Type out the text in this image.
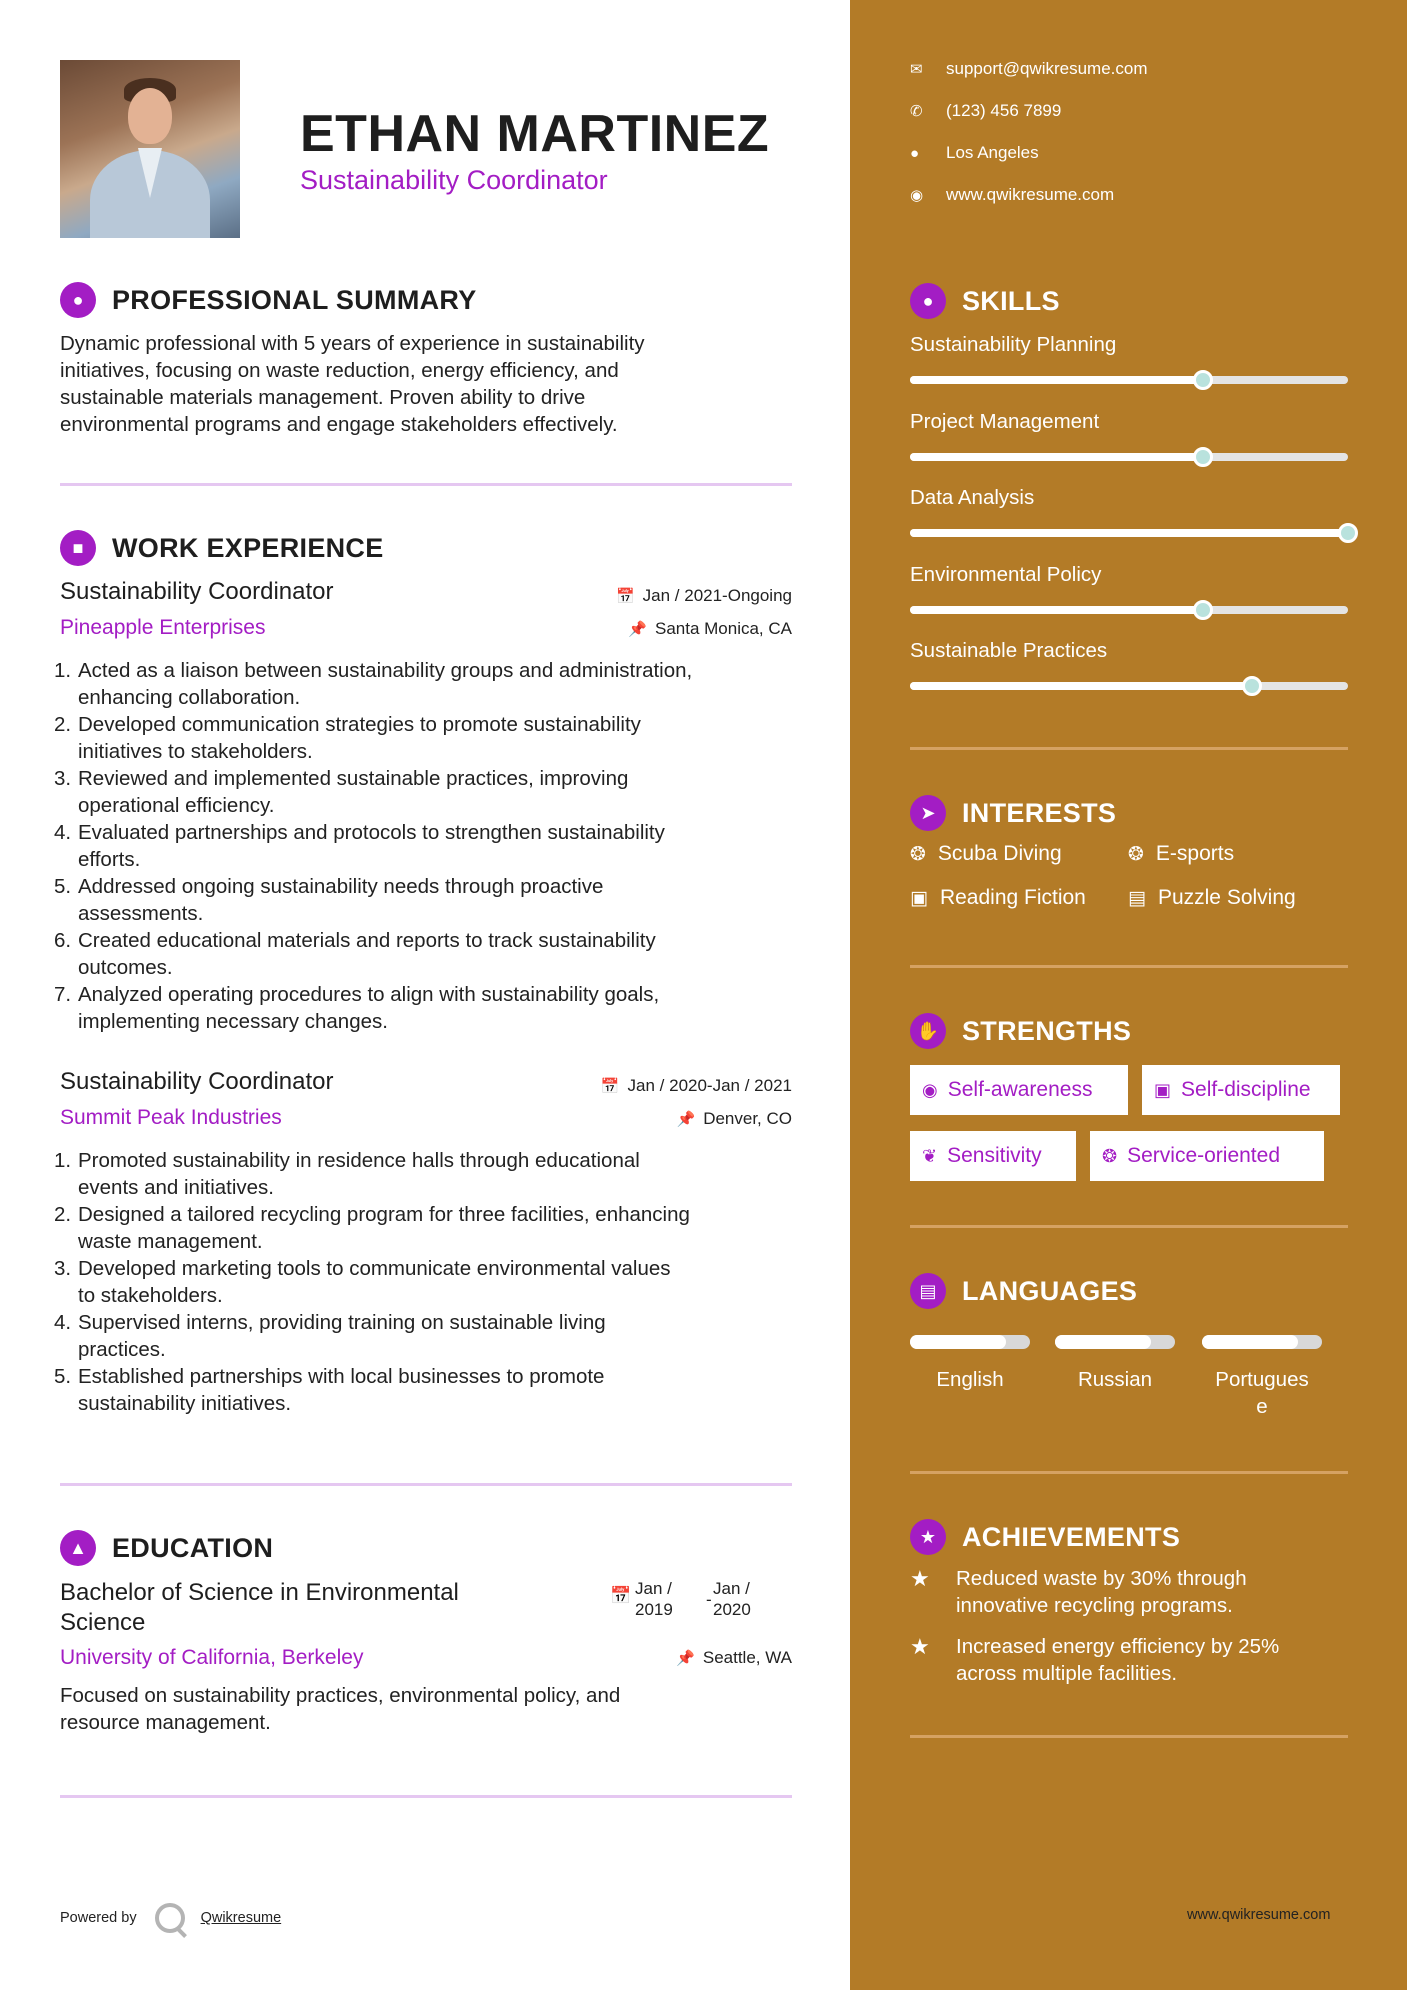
ETHAN MARTINEZ
Sustainability Coordinator
●	PROFESSIONAL SUMMARY
Dynamic professional with 5 years of experience in sustainability
initiatives, focusing on waste reduction, energy efficiency, and
sustainable materials management. Proven ability to drive
environmental programs and engage stakeholders effectively.
■	WORK EXPERIENCE
Sustainability Coordinator	📅 Jan / 2021-Ongoing
Pineapple Enterprises	📌 Santa Monica, CA
1. Acted as a liaison between sustainability groups and administration,
enhancing collaboration.
2. Developed communication strategies to promote sustainability
initiatives to stakeholders.
3. Reviewed and implemented sustainable practices, improving
operational efficiency.
4. Evaluated partnerships and protocols to strengthen sustainability
efforts.
5. Addressed ongoing sustainability needs through proactive
assessments.
6. Created educational materials and reports to track sustainability
outcomes.
7. Analyzed operating procedures to align with sustainability goals,
implementing necessary changes.
Sustainability Coordinator	📅 Jan / 2020-Jan / 2021
Summit Peak Industries	📌 Denver, CO
1. Promoted sustainability in residence halls through educational
events and initiatives.
2. Designed a tailored recycling program for three facilities, enhancing
waste management.
3. Developed marketing tools to communicate environmental values
to stakeholders.
4. Supervised interns, providing training on sustainable living
practices.
5. Established partnerships with local businesses to promote
sustainability initiatives.
▲ EDUCATION
Bachelor of Science in Environmental
Science
📅 Jan /
2019
-
Jan /
2020
University of California, Berkeley	📌 Seattle, WA
Focused on sustainability practices, environmental policy, and
resource management.
Powered by	Qwikresume
✉	support@qwikresume.com
✆	(123) 456 7899
●	Los Angeles
◉	www.qwikresume.com
●	SKILLS
Sustainability Planning
Project Management
Data Analysis
Environmental Policy
Sustainable Practices
➤ INTERESTS
❂ Scuba Diving	❂ E-sports
▣ Reading Fiction ▤ Puzzle Solving
✋ STRENGTHS
◉ Self-awareness	▣ Self-discipline
❦ Sensitivity	❂ Service-oriented
▤ LANGUAGES
English	Russian	Portugues
e
★ ACHIEVEMENTS
★	Reduced waste by 30% through
innovative recycling programs.
★	Increased energy efficiency by 25%
across multiple facilities.
www.qwikresume.com
